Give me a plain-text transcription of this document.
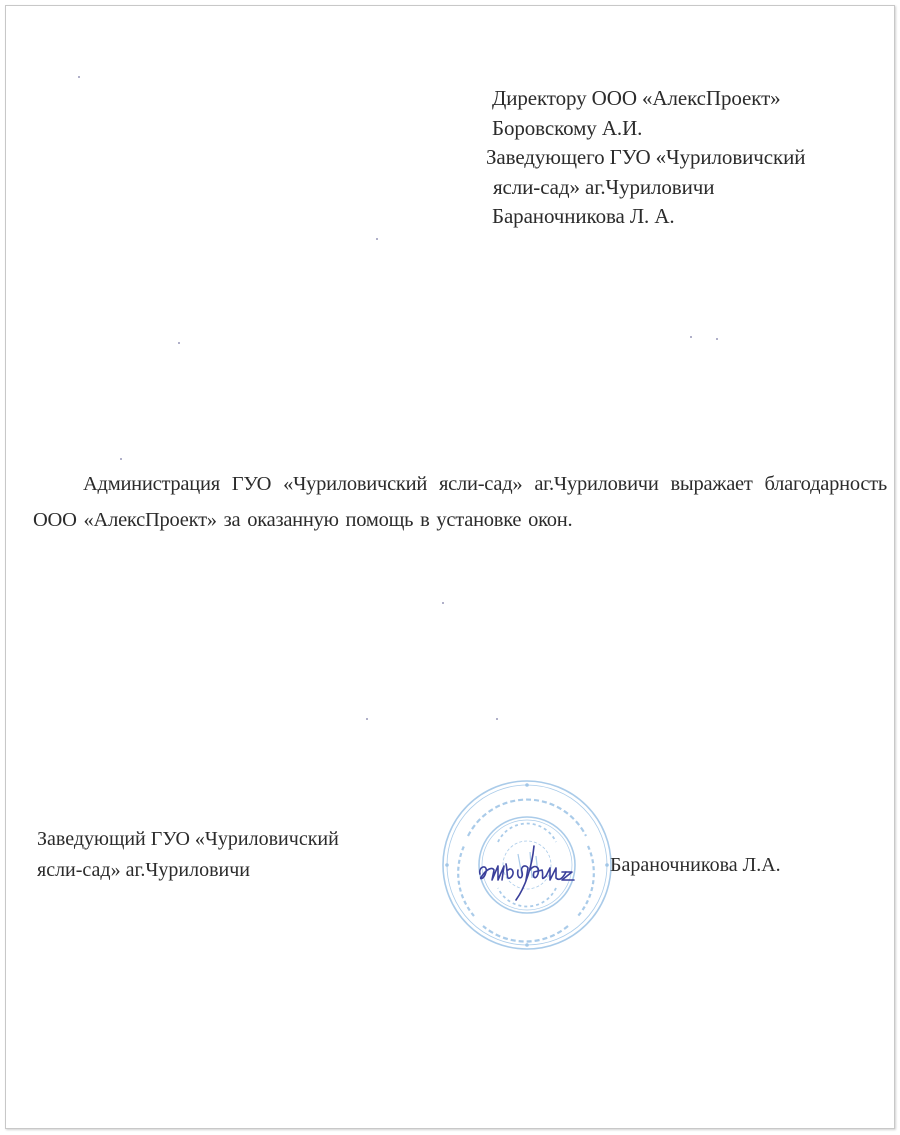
Директору ООО «АлексПроект»
Боровскому А.И.
Заведующего ГУО «Чуриловичский
ясли-сад» аг.Чуриловичи
Бараночникова Л. А.

Администрация ГУО «Чуриловичский ясли-сад» аг.Чуриловичи выражает благодарность ООО «АлексПроект» за оказанную помощь в установке окон.

Заведующий ГУО «Чуриловичский
ясли-сад» аг.Чуриловичи	Бараночникова Л.А.
